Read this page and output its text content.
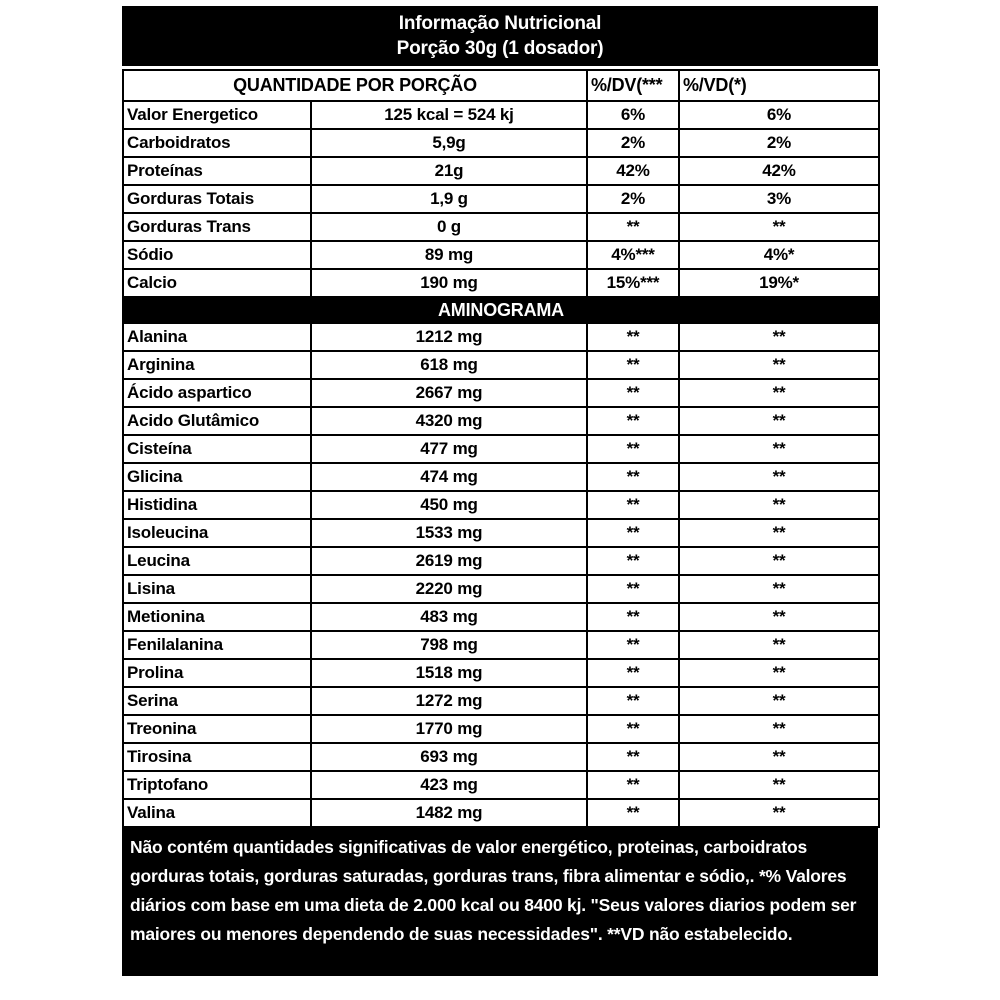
Informação Nutricional
Porção 30g (1 dosador)
QUANTIDADE POR PORÇÃO		%/DV(***	%/VD(*)
Valor Energetico	125 kcal = 524 kj	6%	6%
Carboidratos	5,9g	2%	2%
Proteínas	21g	42%	42%
Gorduras Totais	1,9 g	2%	3%
Gorduras Trans	0 g	**	**
Sódio	89 mg	4%***	4%*
Calcio	190 mg	15%***	19%*
AMINOGRAMA			
Alanina	1212 mg	**	**
Arginina	618 mg	**	**
Ácido aspartico	2667 mg	**	**
Acido Glutâmico	4320 mg	**	**
Cisteína	477 mg	**	**
Glicina	474 mg	**	**
Histidina	450 mg	**	**
Isoleucina	1533 mg	**	**
Leucina	2619 mg	**	**
Lisina	2220 mg	**	**
Metionina	483 mg	**	**
Fenilalanina	798 mg	**	**
Prolina	1518 mg	**	**
Serina	1272 mg	**	**
Treonina	1770 mg	**	**
Tirosina	693 mg	**	**
Triptofano	423 mg	**	**
Valina	1482 mg	**	**
Não contém quantidades significativas de valor energético, proteinas, carboidratos gorduras totais, gorduras saturadas, gorduras trans, fibra alimentar e sódio,. *% Valores diários com base em uma dieta de 2.000 kcal ou 8400 kj. "Seus valores diarios podem ser maiores ou menores dependendo de suas necessidades". **VD não estabelecido.
